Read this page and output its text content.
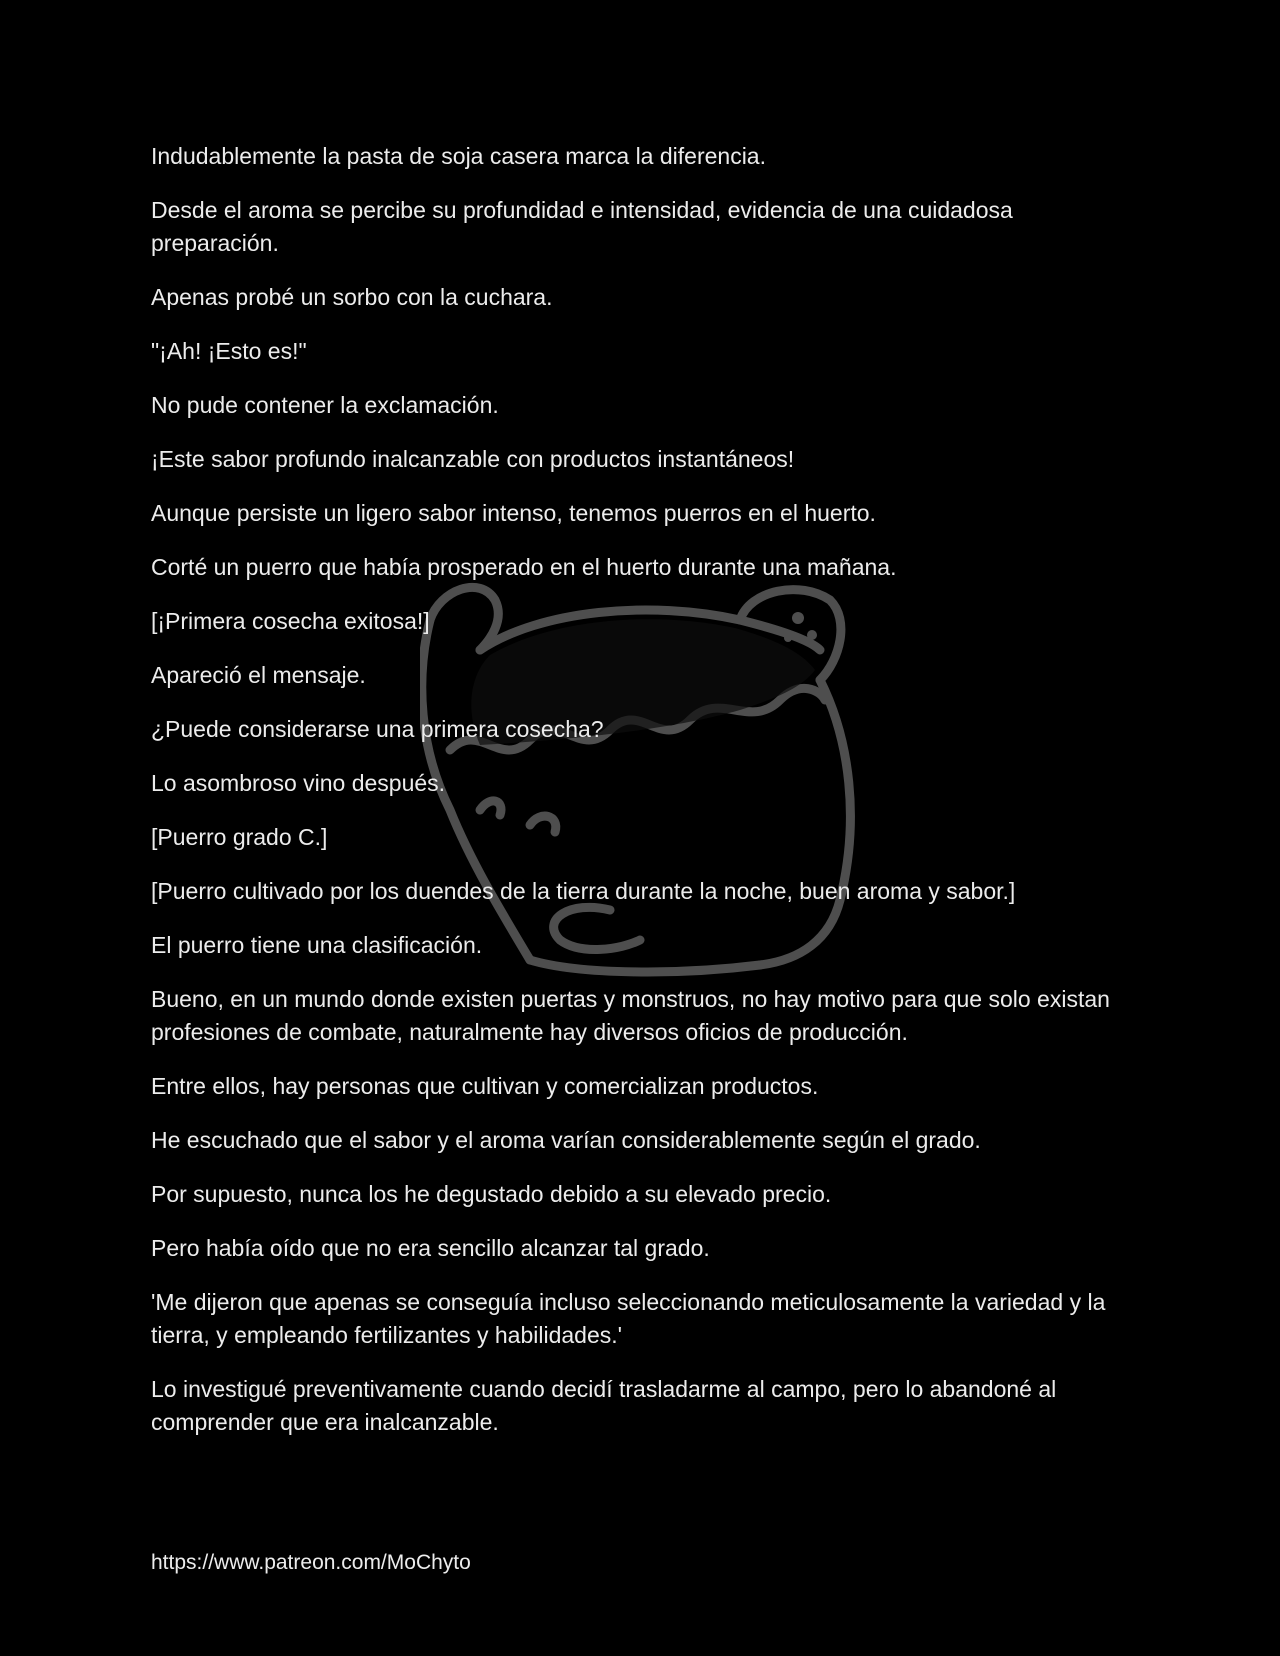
Indudablemente la pasta de soja casera marca la diferencia.

Desde el aroma se percibe su profundidad e intensidad, evidencia de una cuidadosa preparación.

Apenas probé un sorbo con la cuchara.

"¡Ah! ¡Esto es!"

No pude contener la exclamación.

¡Este sabor profundo inalcanzable con productos instantáneos!

Aunque persiste un ligero sabor intenso, tenemos puerros en el huerto.

Corté un puerro que había prosperado en el huerto durante una mañana.

[¡Primera cosecha exitosa!]

Apareció el mensaje.

¿Puede considerarse una primera cosecha?

Lo asombroso vino después.

[Puerro grado C.]

[Puerro cultivado por los duendes de la tierra durante la noche, buen aroma y sabor.]

El puerro tiene una clasificación.

Bueno, en un mundo donde existen puertas y monstruos, no hay motivo para que solo existan profesiones de combate, naturalmente hay diversos oficios de producción.

Entre ellos, hay personas que cultivan y comercializan productos.

He escuchado que el sabor y el aroma varían considerablemente según el grado.

Por supuesto, nunca los he degustado debido a su elevado precio.

Pero había oído que no era sencillo alcanzar tal grado.

'Me dijeron que apenas se conseguía incluso seleccionando meticulosamente la variedad y la tierra, y empleando fertilizantes y habilidades.'

Lo investigué preventivamente cuando decidí trasladarme al campo, pero lo abandoné al comprender que era inalcanzable.

https://www.patreon.com/MoChyto
